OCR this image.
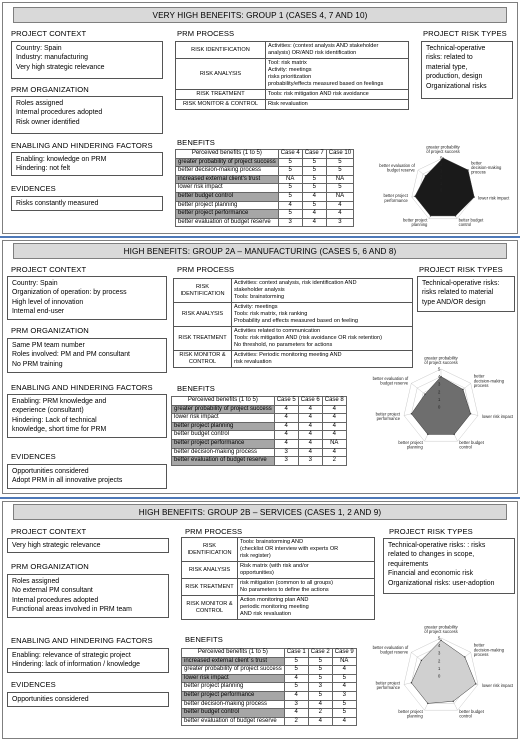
VERY HIGH BENEFITS: GROUP 1 (CASES 4, 7 AND 10)
PROJECT CONTEXT
Country: Spain
Industry: manufacturing
Very high strategic relevance
PRM ORGANIZATION
Roles assigned
Internal procedures adopted
Risk owner identified
ENABLING AND HINDERING FACTORS
Enabling: knowledge on PRM
Hindering: not felt
EVIDENCES
Risks constantly measured
PRM PROCESS
RISK IDENTIFICATION	Activities: (context analysis AND stakeholder
analysis) OR/AND risk identification

RISK ANALYSIS	Tool: risk matrix
Activity: meetings
risks prioritization
probability/effects measured based on feelings

RISK TREATMENT	Tools: risk mitigation AND risk avoidance

RISK MONITOR & CONTROL	Risk revaluation
PROJECT RISK TYPES
Technical-operative
risks: related to
material type,
production, design
Organizational risks
BENEFITS
Perceived benefits (1 to 5)	Case 4	Case 7	Case 10
greater probability of project success	5	5	5
better decision-making process	5	5	5
increased external client's trust	NA	5	NA
lower risk impact	5	5	5
better budget control	5	4	NA
better project planning	4	5	4
better project performance	5	4	4
better evaluation of budget reserve	3	4	3
5
4
3
2
1
0
greater probability of project success
better decision-making process
lower risk impact
better budget control
better project planning
better project performance
better evaluation of budget reserve
HIGH BENEFITS: GROUP 2A – MANUFACTURING (CASES 5, 6 AND 8)
PROJECT CONTEXT
Country: Spain
Organization of operation: by process
High level of innovation
Internal end-user
PRM ORGANIZATION
Same PM team number
Roles involved: PM and PM consultant
No PRM training
ENABLING AND HINDERING FACTORS
Enabling: PRM knowledge and
experience (consultant)
Hindering: Lack of technical
knowledge, short time for PRM
EVIDENCES
Opportunities considered
Adopt PRM in all innovative projects
PRM PROCESS
RISK IDENTIFICATION	Activities: context analysis, risk identification AND
stakeholder analysis
Tools: brainstorming

RISK ANALYSIS	Activity: meetings
Tools: risk matrix, risk ranking
Probability and effects measured based on feeling

RISK TREATMENT	Activities related to communication
Tools: risk mitigation AND (risk avoidance OR risk retention)
No threshold, no parameters for actions

RISK MONITOR & CONTROL	Activities: Periodic monitoring meeting AND
risk revaluation
PROJECT RISK TYPES
Technical-operative risks:
risks related to material
type AND/OR design
BENEFITS
Perceived benefits (1 to 5)	Case 5	Case 6	Case 8
greater probability of project success	4	4	4
lower risk impact	4	4	4
better project planning	4	4	4
better budget control	4	4	4
better project performance	4	4	NA
better decision-making process	3	4	4
better evaluation of budget reserve	3	3	2
5
4
3
2
1
0
greater probability of project success
better decision-making process
lower risk impact
better budget control
better project planning
better project performance
better evaluation of budget reserve
HIGH BENEFITS: GROUP 2B – SERVICES (CASES 1, 2 AND 9)
PROJECT CONTEXT
Very high strategic relevance
PRM ORGANIZATION
Roles assigned
No external PM consultant
Internal procedures adopted
Functional areas involved in PRM team
ENABLING AND HINDERING FACTORS
Enabling: relevance of strategic project
Hindering: lack of information / knowledge
EVIDENCES
Opportunities considered
PRM PROCESS
RISK IDENTIFICATION	Tools: brainstorming AND
(checklist OR interview with experts OR
risk register)

RISK ANALYSIS	Risk matrix (with risk and/or
opportunities)

RISK TREATMENT	risk mitigation (common to all groups)
No parameters to define the actions

RISK MONITOR & CONTROL	Action monitoring plan AND
periodic monitoring meeting
AND risk revaluation
PROJECT RISK TYPES
Technical-operative risks: : risks
related to changes in scope,
requirements
Financial and economic risk
Organizational risks: user-adoption
BENEFITS
Perceived benefits (1 to 5)	Case 1	Case 2	Case 9
increased external client´s trust	5	5	NA
greater probability of project success	5	5	4
lower risk impact	4	5	5
better project planning	5	3	4
better project performance	4	5	3
better decision-making process	3	4	5
better budget control	4	2	5
better evaluation of budget reserve	2	4	4
5
4
3
2
1
0
greater probability of project success
better decision-making process
lower risk impact
better budget control
better project planning
better project performance
better evaluation of budget reserve
